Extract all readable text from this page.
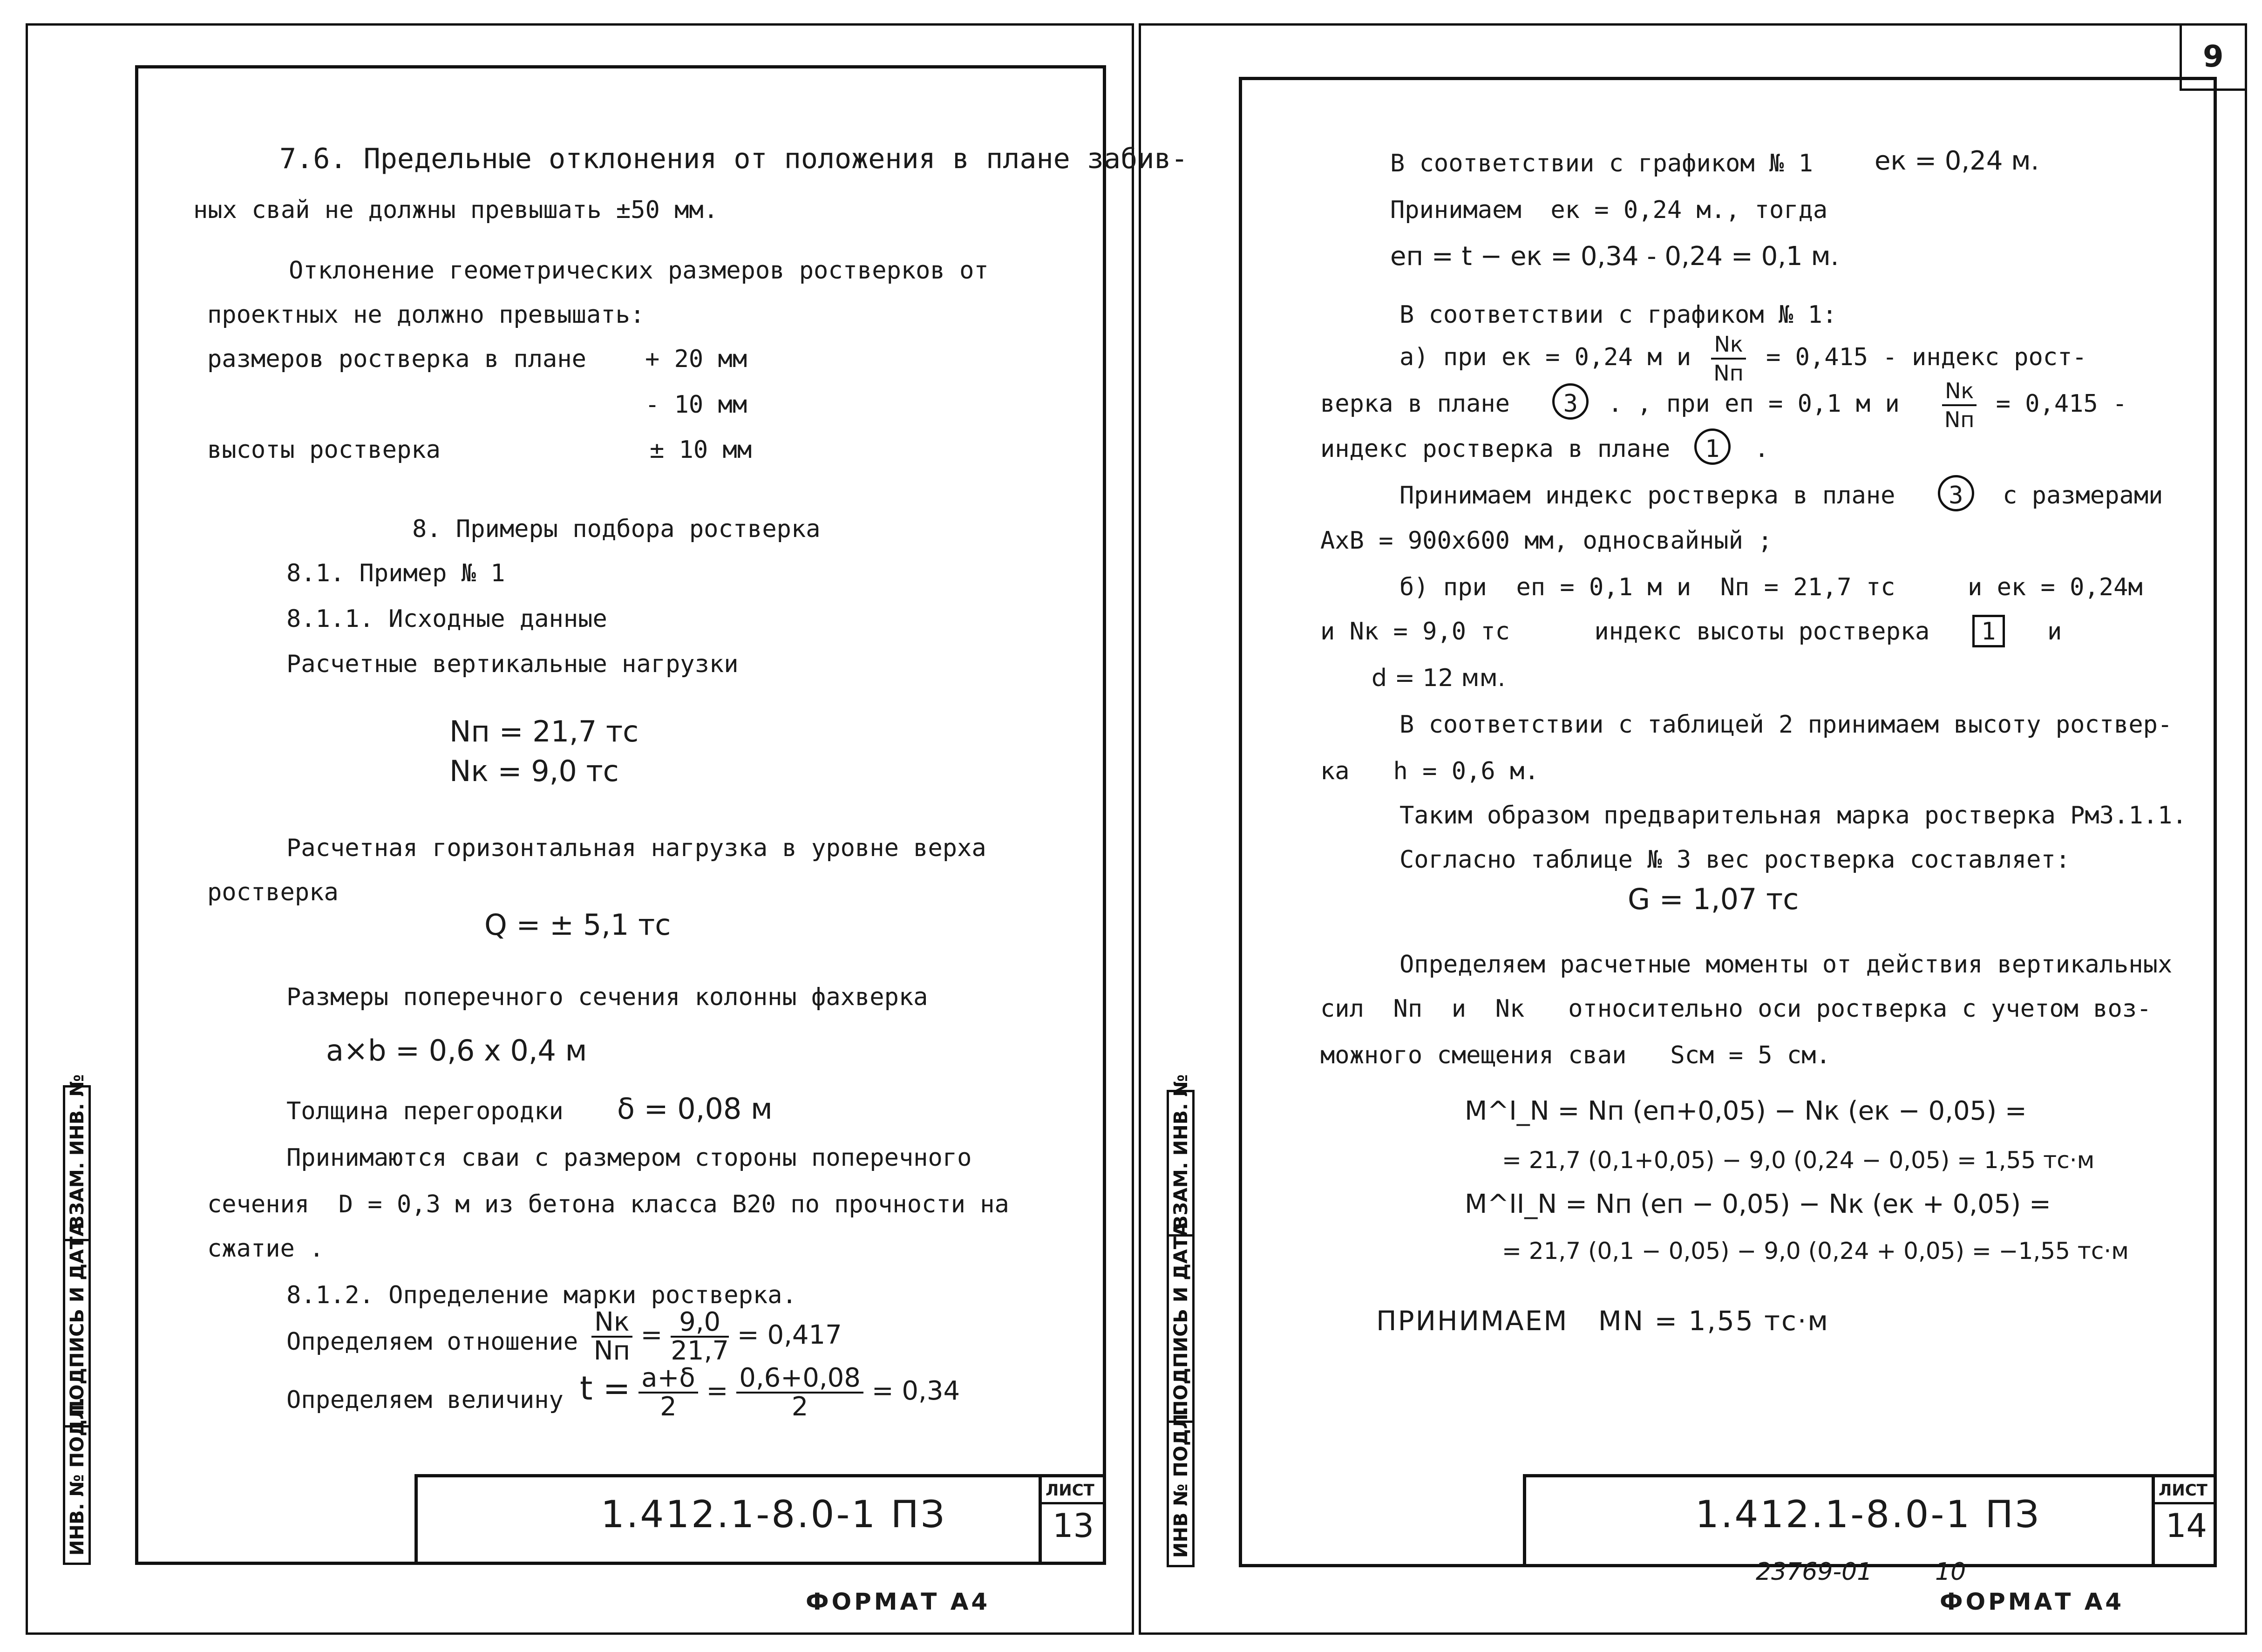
ВЗАМ. ИНВ. №
ПОДПИСЬ И ДАТА
ИНВ. № ПОДЛ.
7.6. Предельные отклонения от положения в плане забив-
ных свай не должны превышать ±50 мм.
Отклонение геометрических размеров ростверков от
проектных не должно превышать:
размеров ростверка в плане + 20 мм
- 10 мм
высоты ростверка	± 10 мм
8. Примеры подбора ростверка
8.1. Пример № 1
8.1.1. Исходные данные
Расчетные вертикальные нагрузки
Nп = 21,7 тс
Nк = 9,0 тс
Расчетная горизонтальная нагрузка в уровне верха
ростверка
Q = ± 5,1 тс
Размеры поперечного сечения колонны фахверка
a×b = 0,6 x 0,4 м
Толщина перегородки δ = 0,08 м
Принимаются сваи с размером стороны поперечного
сечения  D = 0,3 м из бетона класса В20 по прочности на
сжатие .
8.1.2. Определение марки ростверка.
Определяем отношение $\frac{Nк}{Nп} = \frac{9,0}{21,7} = 0,417$
Определяем величину $t = \frac{a+\delta}{2} = \frac{0,6+0,08}{2} = 0,34$
1.412.1-8.0-1 ПЗ
ЛИСТ
13
ФОРМАТ А4
9
ВЗАМ. ИНВ. №
ПОДПИСЬ И ДАТА
ИНВ № ПОДЛ.
В соответствии с графиком № 1 eк = 0,24 м.
Принимаем  eк = 0,24 м., тогда
eп = t − eк = 0,34 - 0,24 = 0,1 м.
В соответствии с графиком № 1:
а) при eк = 0,24 м и $\frac{Nк}{Nп} = 0,415$ - индекс рост-
верка в плане 3 . , при eп = 0,1 м и $\frac{Nк}{Nп} = 0,415$ -
индекс ростверка в плане 1 .
Принимаем индекс ростверка в плане 3 с размерами
AxB = 900x600 мм, односвайный ;
б) при  eп = 0,1 м и  Nп = 21,7 тс	и eк = 0,24м
и Nк = 9,0 тс	индекс высоты ростверка 1 и
d = 12 мм.
В соответствии с таблицей 2 принимаем высоту роствер-
ка   h = 0,6 м.
Таким образом предварительная марка ростверка Рм3.1.1.
Согласно таблице № 3 вес ростверка составляет:
G = 1,07 тс
Определяем расчетные моменты от действия вертикальных
сил  Nп  и  Nк   относительно оси ростверка с учетом воз-
можного смещения сваи   Sсм = 5 см.
M^I_N = Nп (eп+0,05) − Nк (eк − 0,05) =
= 21,7 (0,1+0,05) − 9,0 (0,24 − 0,05) = 1,55 тс·м
M^II_N = Nп (eп − 0,05) − Nк (eк + 0,05) =
= 21,7 (0,1 − 0,05) − 9,0 (0,24 + 0,05) = −1,55 тс·м
ПРИНИМАЕМ   MN = 1,55 тс·м
1.412.1-8.0-1 ПЗ
ЛИСТ
14
23769-01	10
ФОРМАТ А4
